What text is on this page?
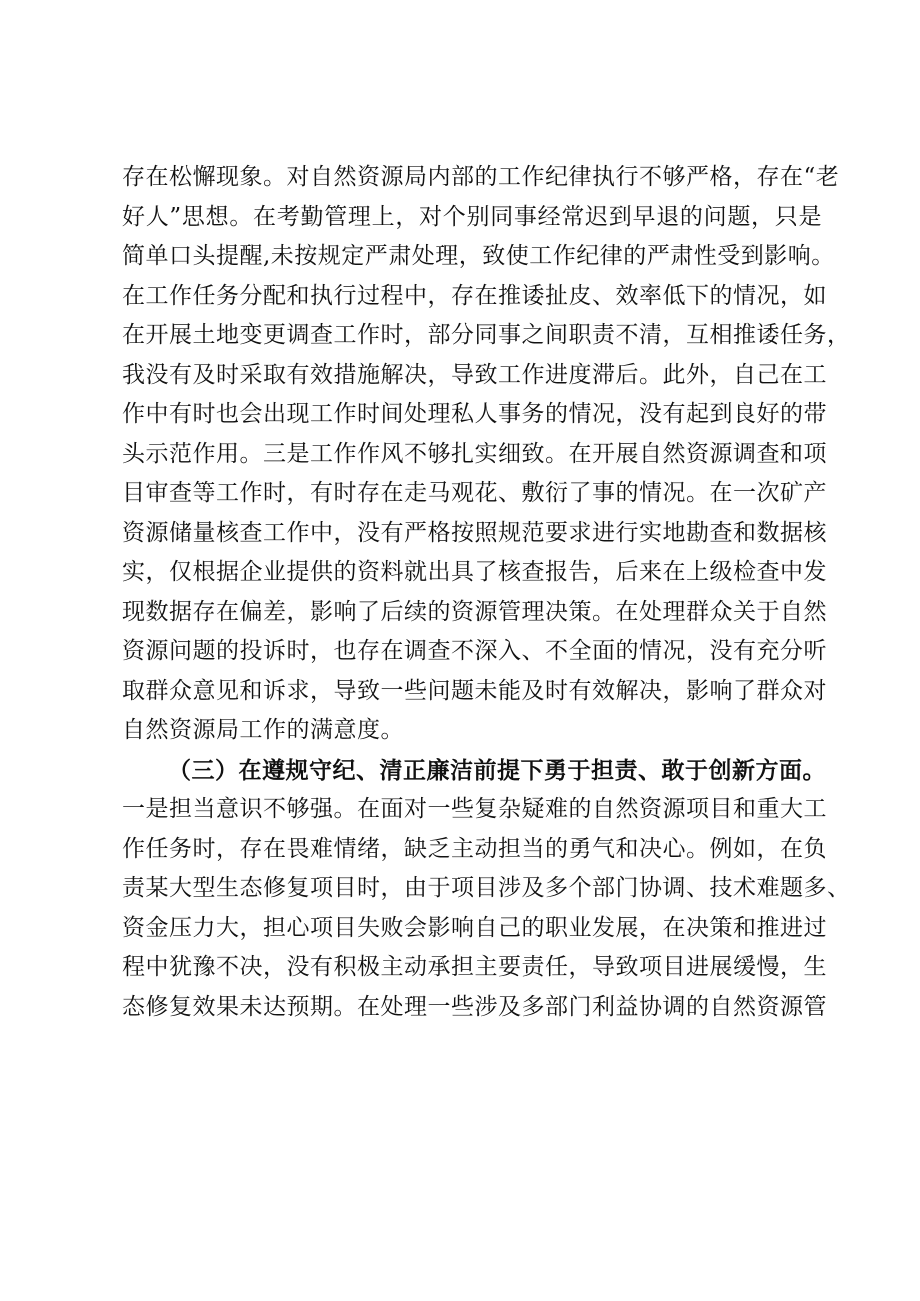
存在松懈现象。对自然资源局内部的工作纪律执行不够严格，存在“老
好人”思想。在考勤管理上，对个别同事经常迟到早退的问题，只是
简单口头提醒,未按规定严肃处理，致使工作纪律的严肃性受到影响。
在工作任务分配和执行过程中，存在推诿扯皮、效率低下的情况，如
在开展土地变更调查工作时，部分同事之间职责不清，互相推诿任务，
我没有及时采取有效措施解决，导致工作进度滞后。此外，自己在工
作中有时也会出现工作时间处理私人事务的情况，没有起到良好的带
头示范作用。三是工作作风不够扎实细致。在开展自然资源调查和项
目审查等工作时，有时存在走马观花、敷衍了事的情况。在一次矿产
资源储量核查工作中，没有严格按照规范要求进行实地勘查和数据核
实，仅根据企业提供的资料就出具了核查报告，后来在上级检查中发
现数据存在偏差，影响了后续的资源管理决策。在处理群众关于自然
资源问题的投诉时，也存在调查不深入、不全面的情况，没有充分听
取群众意见和诉求，导致一些问题未能及时有效解决，影响了群众对
自然资源局工作的满意度。
（三）在遵规守纪、清正廉洁前提下勇于担责、敢于创新方面。
一是担当意识不够强。在面对一些复杂疑难的自然资源项目和重大工
作任务时，存在畏难情绪，缺乏主动担当的勇气和决心。例如，在负
责某大型生态修复项目时，由于项目涉及多个部门协调、技术难题多、
资金压力大，担心项目失败会影响自己的职业发展，在决策和推进过
程中犹豫不决，没有积极主动承担主要责任，导致项目进展缓慢，生
态修复效果未达预期。在处理一些涉及多部门利益协调的自然资源管
